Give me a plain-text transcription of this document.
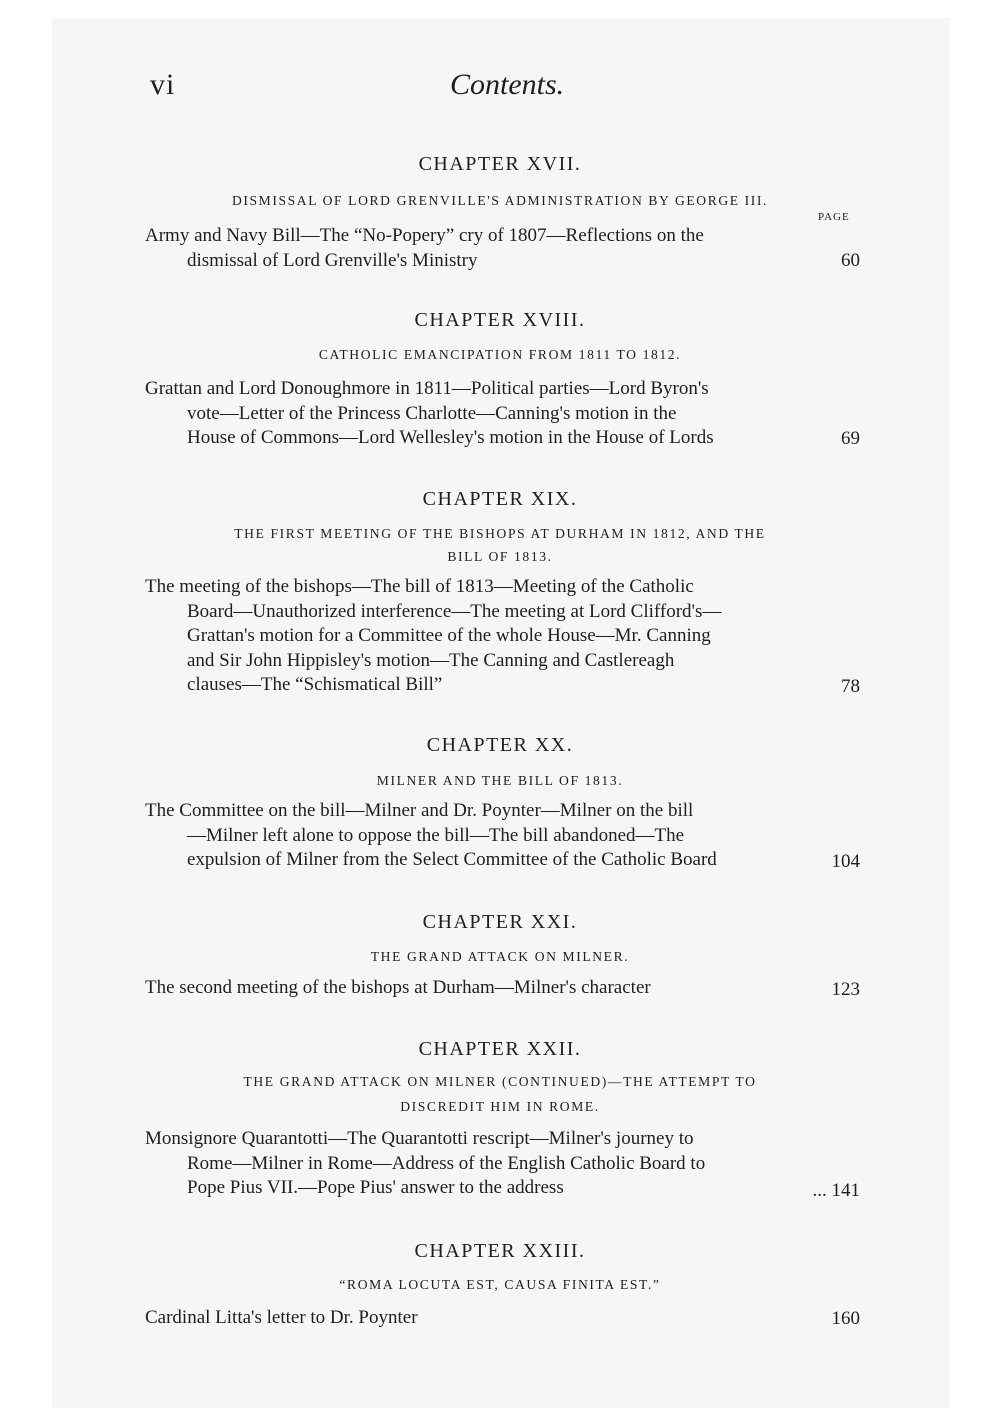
vi	Contents.
CHAPTER XVII.
DISMISSAL OF LORD GRENVILLE'S ADMINISTRATION BY GEORGE III.
PAGE
Army and Navy Bill—The “No-Popery” cry of 1807—Reflections on the
dismissal of Lord Grenville's Ministry	60
CHAPTER XVIII.
CATHOLIC EMANCIPATION FROM 1811 TO 1812.
Grattan and Lord Donoughmore in 1811—Political parties—Lord Byron's
vote—Letter of the Princess Charlotte—Canning's motion in the
House of Commons—Lord Wellesley's motion in the House of Lords	69
CHAPTER XIX.
THE FIRST MEETING OF THE BISHOPS AT DURHAM IN 1812, AND THE
BILL OF 1813.
The meeting of the bishops—The bill of 1813—Meeting of the Catholic
Board—Unauthorized interference—The meeting at Lord Clifford's—
Grattan's motion for a Committee of the whole House—Mr. Canning
and Sir John Hippisley's motion—The Canning and Castlereagh
clauses—The “Schismatical Bill”	78
CHAPTER XX.
MILNER AND THE BILL OF 1813.
The Committee on the bill—Milner and Dr. Poynter—Milner on the bill
—Milner left alone to oppose the bill—The bill abandoned—The
expulsion of Milner from the Select Committee of the Catholic Board	104
CHAPTER XXI.
THE GRAND ATTACK ON MILNER.
The second meeting of the bishops at Durham—Milner's character	123
CHAPTER XXII.
THE GRAND ATTACK ON MILNER (CONTINUED)—THE ATTEMPT TO
DISCREDIT HIM IN ROME.
Monsignore Quarantotti—The Quarantotti rescript—Milner's journey to
Rome—Milner in Rome—Address of the English Catholic Board to
Pope Pius VII.—Pope Pius' answer to the address	... 141
CHAPTER XXIII.
“ROMA LOCUTA EST, CAUSA FINITA EST.”
Cardinal Litta's letter to Dr. Poynter	160
